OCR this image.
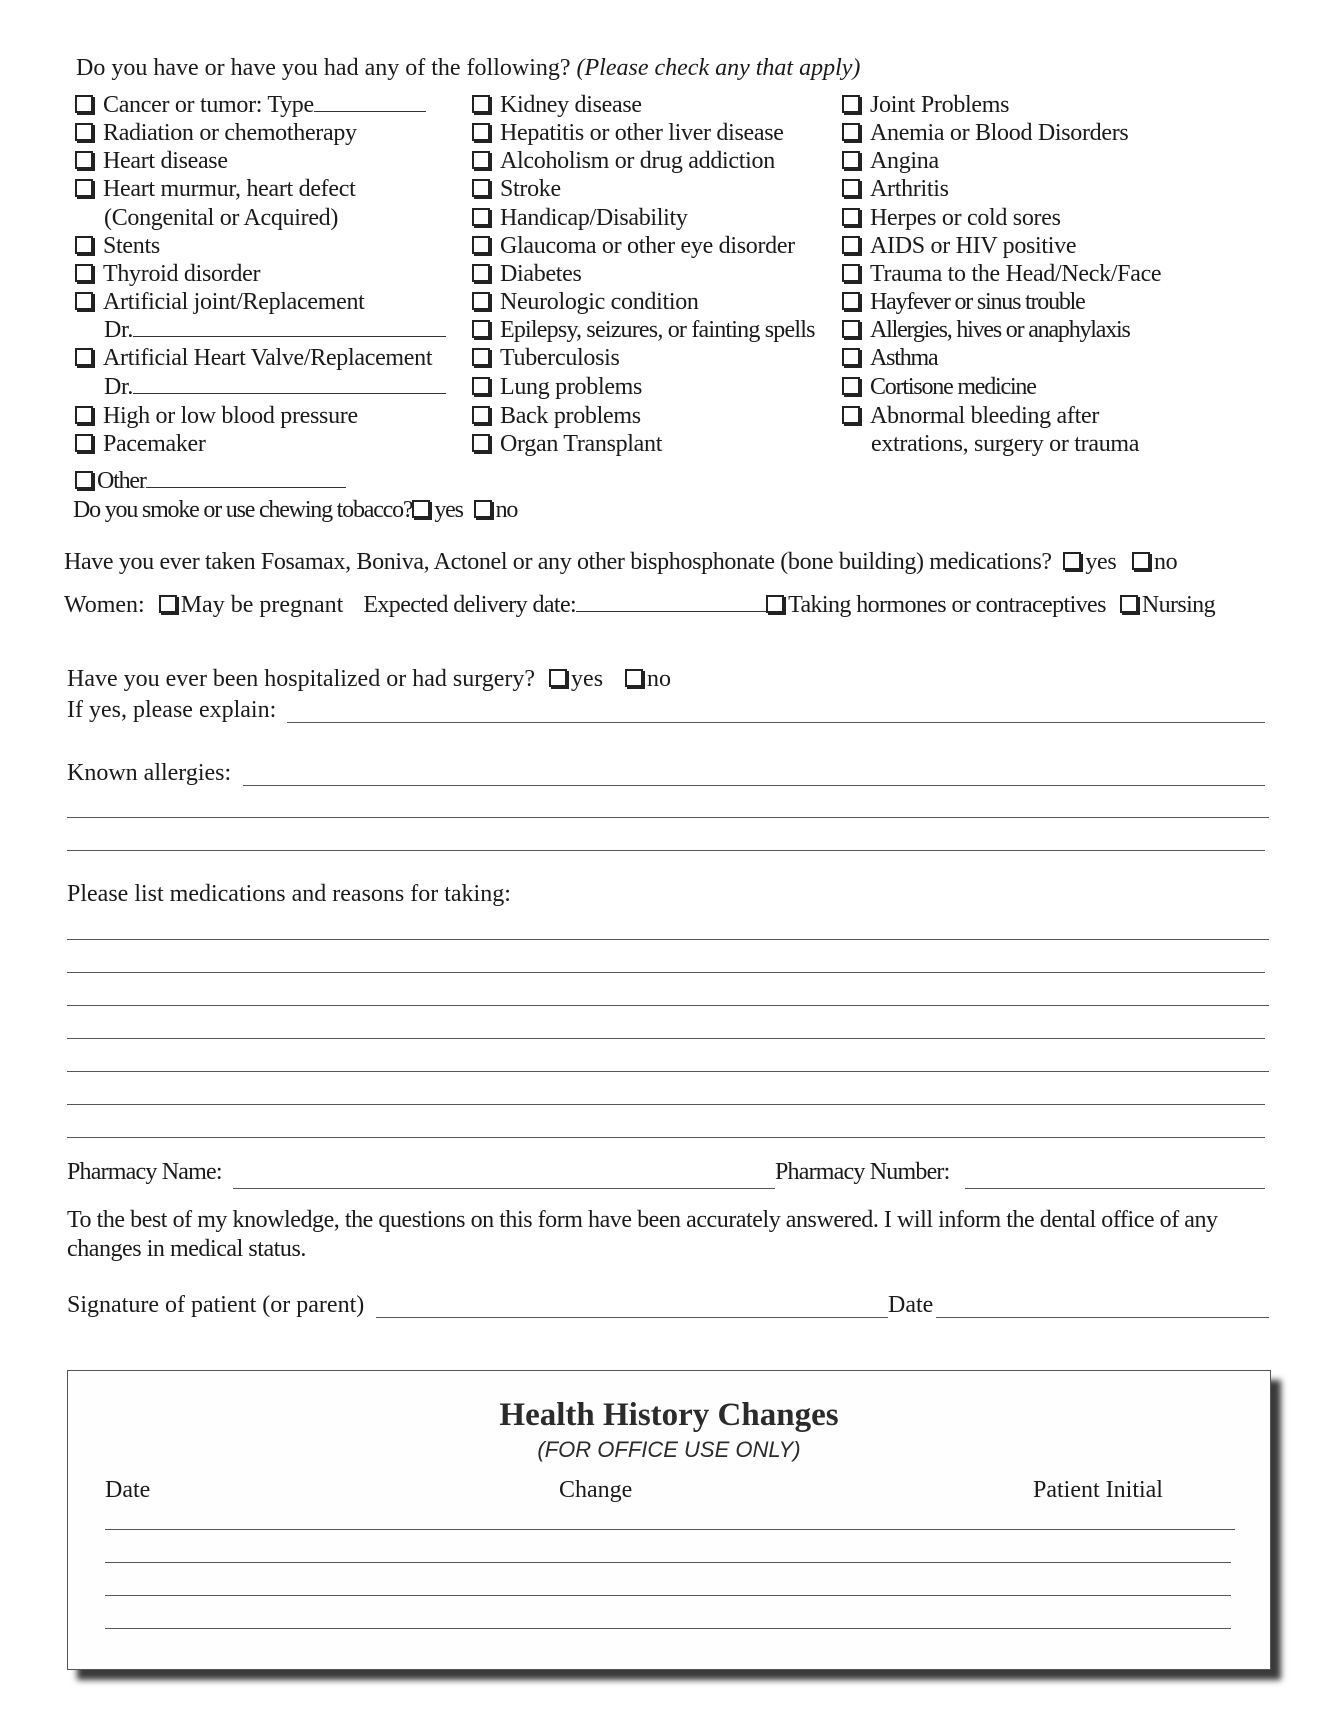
Do you have or have you had any of the following? (Please check any that apply)
Cancer or tumor: Type
Radiation or chemotherapy
Heart disease
Heart murmur, heart defect
(Congenital or Acquired)
Stents
Thyroid disorder
Artificial joint/Replacement
Dr.
Artificial Heart Valve/Replacement
Dr.
High or low blood pressure
Pacemaker
Kidney disease
Hepatitis or other liver disease
Alcoholism or drug addiction
Stroke
Handicap/Disability
Glaucoma or other eye disorder
Diabetes
Neurologic condition
Epilepsy, seizures, or fainting spells
Tuberculosis
Lung problems
Back problems
Organ Transplant
Joint Problems
Anemia or Blood Disorders
Angina
Arthritis
Herpes or cold sores
AIDS or HIV positive
Trauma to the Head/Neck/Face
Hayfever or sinus trouble
Allergies, hives or anaphylaxis
Asthma
Cortisone medicine
Abnormal bleeding after
extrations, surgery or trauma
Other
Do you smoke or use chewing tobacco? yes no
Have you ever taken Fosamax, Boniva, Actonel or any other bisphosphonate (bone building) medications? yes no
Women: May be pregnant Expected delivery date:	Taking hormones or contraceptives Nursing
Have you ever been hospitalized or had surgery? yes no
If yes, please explain:
Known allergies:
Please list medications and reasons for taking:
Pharmacy Name:	Pharmacy Number:
To the best of my knowledge, the questions on this form have been accurately answered. I will inform the dental office of any
changes in medical status.
Signature of patient (or parent)	Date
Health History Changes
(FOR OFFICE USE ONLY)
Date	Change	Patient Initial
